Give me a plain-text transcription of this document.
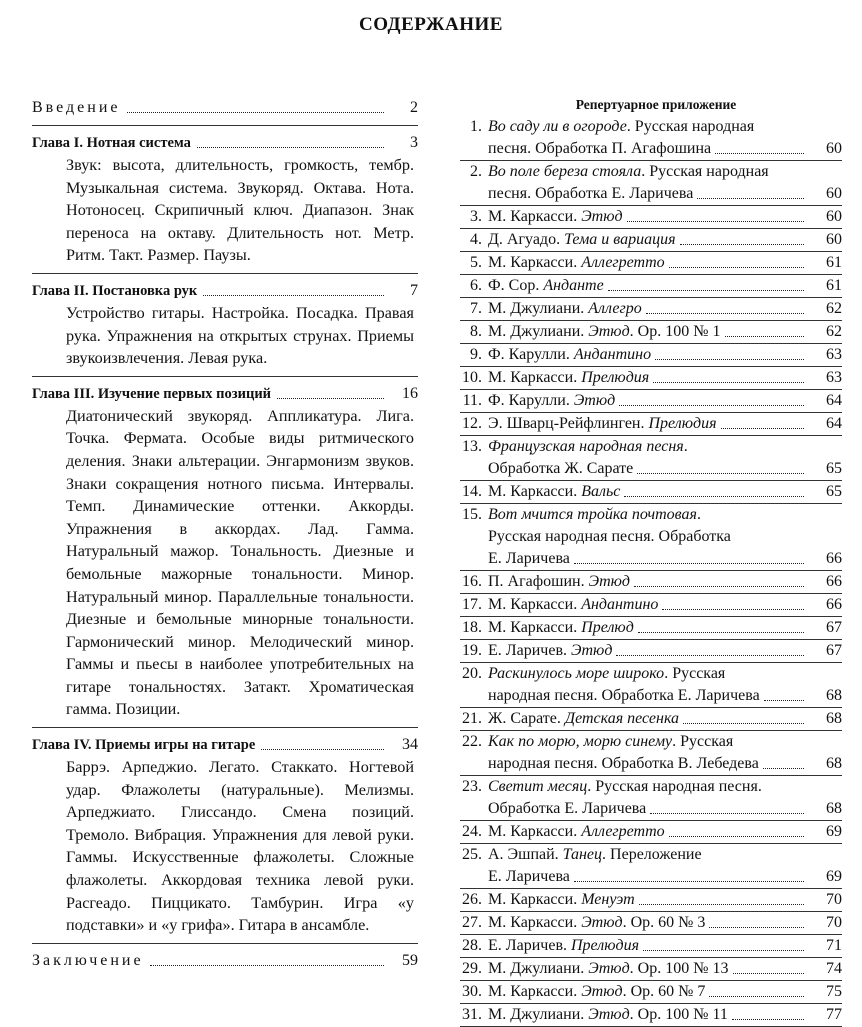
СОДЕРЖАНИЕ
Введение	2
Глава I. Нотная система	3
Звук: высота, длительность, громкость, тембр. Музыкальная система. Звукоряд. Октава. Нота. Нотоносец. Скрипичный ключ. Диапазон. Знак переноса на октаву. Длительность нот. Метр. Ритм. Такт. Размер. Паузы.
Глава II. Постановка рук	7
Устройство гитары. Настройка. Посадка. Правая рука. Упражнения на открытых струнах. Приемы звукоизвлечения. Левая рука.
Глава III. Изучение первых позиций	16
Диатонический звукоряд. Аппликатура. Лига. Точка. Фермата. Особые виды ритмического деления. Знаки альтерации. Энгармонизм звуков. Знаки сокращения нотного письма. Интервалы. Темп. Динамические оттенки. Аккорды. Упражнения в аккордах. Лад. Гамма. Натуральный мажор. Тональность. Диезные и бемольные мажорные тональности. Минор. Натуральный минор. Параллельные тональности. Диезные и бемольные минорные тональности. Гармонический минор. Мелодический минор. Гаммы и пьесы в наиболее употребительных на гитаре тональностях. Затакт. Хроматическая гамма. Позиции.
Глава IV. Приемы игры на гитаре	34
Баррэ. Арпеджио. Легато. Стаккато. Ногтевой удар. Флажолеты (натуральные). Мелизмы. Арпеджиато. Глиссандо. Смена позиций. Тремоло. Вибрация. Упражнения для левой руки. Гаммы. Искусственные флажолеты. Сложные флажолеты. Аккордовая техника левой руки. Расгеадо. Пиццикато. Тамбурин. Игра «у подставки» и «у грифа». Гитара в ансамбле.
Заключение	59
Репертуарное приложение
1. Во саду ли в огороде. Русская народная
песня. Обработка П. Агафошина	60
2. Во поле береза стояла. Русская народная
песня. Обработка Е. Ларичева	60
3. М. Каркасси. Этюд	60
4. Д. Агуадо. Тема и вариация	60
5. М. Каркасси. Аллегретто	61
6. Ф. Сор. Анданте	61
7. М. Джулиани. Аллегро	62
8. М. Джулиани. Этюд. Ор. 100 № 1	62
9. Ф. Карулли. Андантино	63
10. М. Каркасси. Прелюдия	63
11. Ф. Карулли. Этюд	64
12. Э. Шварц-Рейфлинген. Прелюдия	64
13. Французская народная песня.
Обработка Ж. Сарате	65
14. М. Каркасси. Вальс	65
15. Вот мчится тройка почтовая.
Русская народная песня. Обработка
Е. Ларичева	66
16. П. Агафошин. Этюд	66
17. М. Каркасси. Андантино	66
18. М. Каркасси. Прелюд	67
19. Е. Ларичев. Этюд	67
20. Раскинулось море широко. Русская
народная песня. Обработка Е. Ларичева	68
21. Ж. Сарате. Детская песенка	68
22. Как по морю, морю синему. Русская
народная песня. Обработка В. Лебедева	68
23. Светит месяц. Русская народная песня.
Обработка Е. Ларичева	68
24. М. Каркасси. Аллегретто	69
25. А. Эшпай. Танец. Переложение
Е. Ларичева	69
26. М. Каркасси. Менуэт	70
27. М. Каркасси. Этюд. Ор. 60 № 3	70
28. Е. Ларичев. Прелюдия	71
29. М. Джулиани. Этюд. Ор. 100 № 13	74
30. М. Каркасси. Этюд. Ор. 60 № 7	75
31. М. Джулиани. Этюд. Ор. 100 № 11	77
